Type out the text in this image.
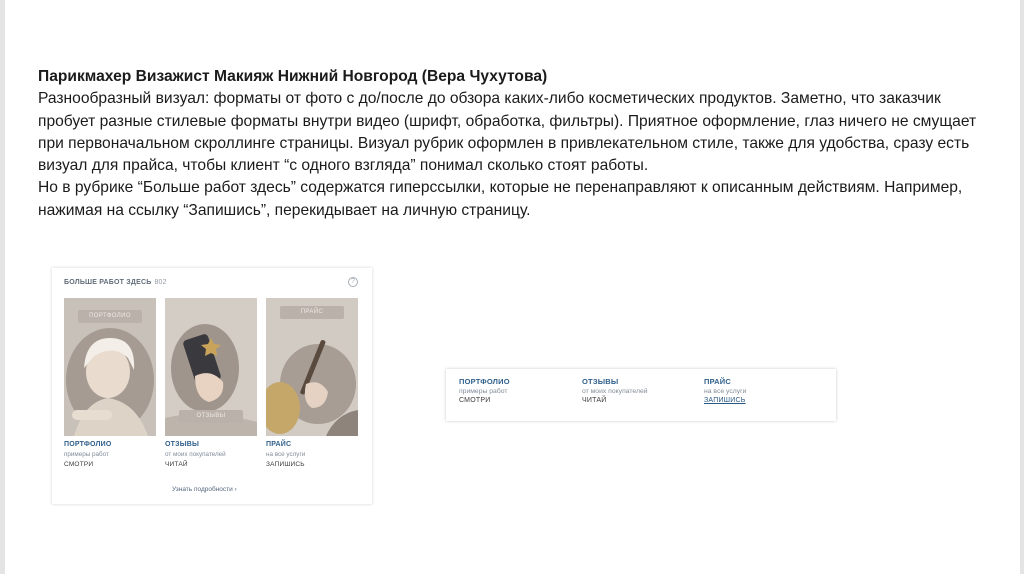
Парикмахер Визажист Макияж Нижний Новгород (Вера Чухутова)
Разнообразный визуал: форматы от фото с до/после до обзора каких-либо косметических продуктов. Заметно, что заказчик пробует разные стилевые форматы внутри видео (шрифт, обработка, фильтры). Приятное оформление, глаз ничего не смущает при первоначальном скроллинге страницы. Визуал рубрик оформлен в привлекательном стиле, также для удобства, сразу есть визуал для прайса, чтобы клиент “с одного взгляда” понимал сколько стоят работы.
Но в рубрике “Больше работ здесь” содержатся гиперссылки, которые не перенаправляют к описанным действиям. Например, нажимая на ссылку “Запишись”, перекидывает на личную страницу.
БОЛЬШЕ РАБОТ ЗДЕСЬ 802	?
ПОРТФОЛИО
ПОРТФОЛИО
примеры работ
СМОТРИ
ОТЗЫВЫ
ОТЗЫВЫ
от моих покупателей
ЧИТАЙ
ПРАЙС
ПРАЙС
на все услуги
ЗАПИШИСЬ
Узнать подробности ›
ПОРТФОЛИО
примеры работ
СМОТРИ
ОТЗЫВЫ
от моих покупателей
ЧИТАЙ
ПРАЙС
на все услуги
ЗАПИШИСЬ
